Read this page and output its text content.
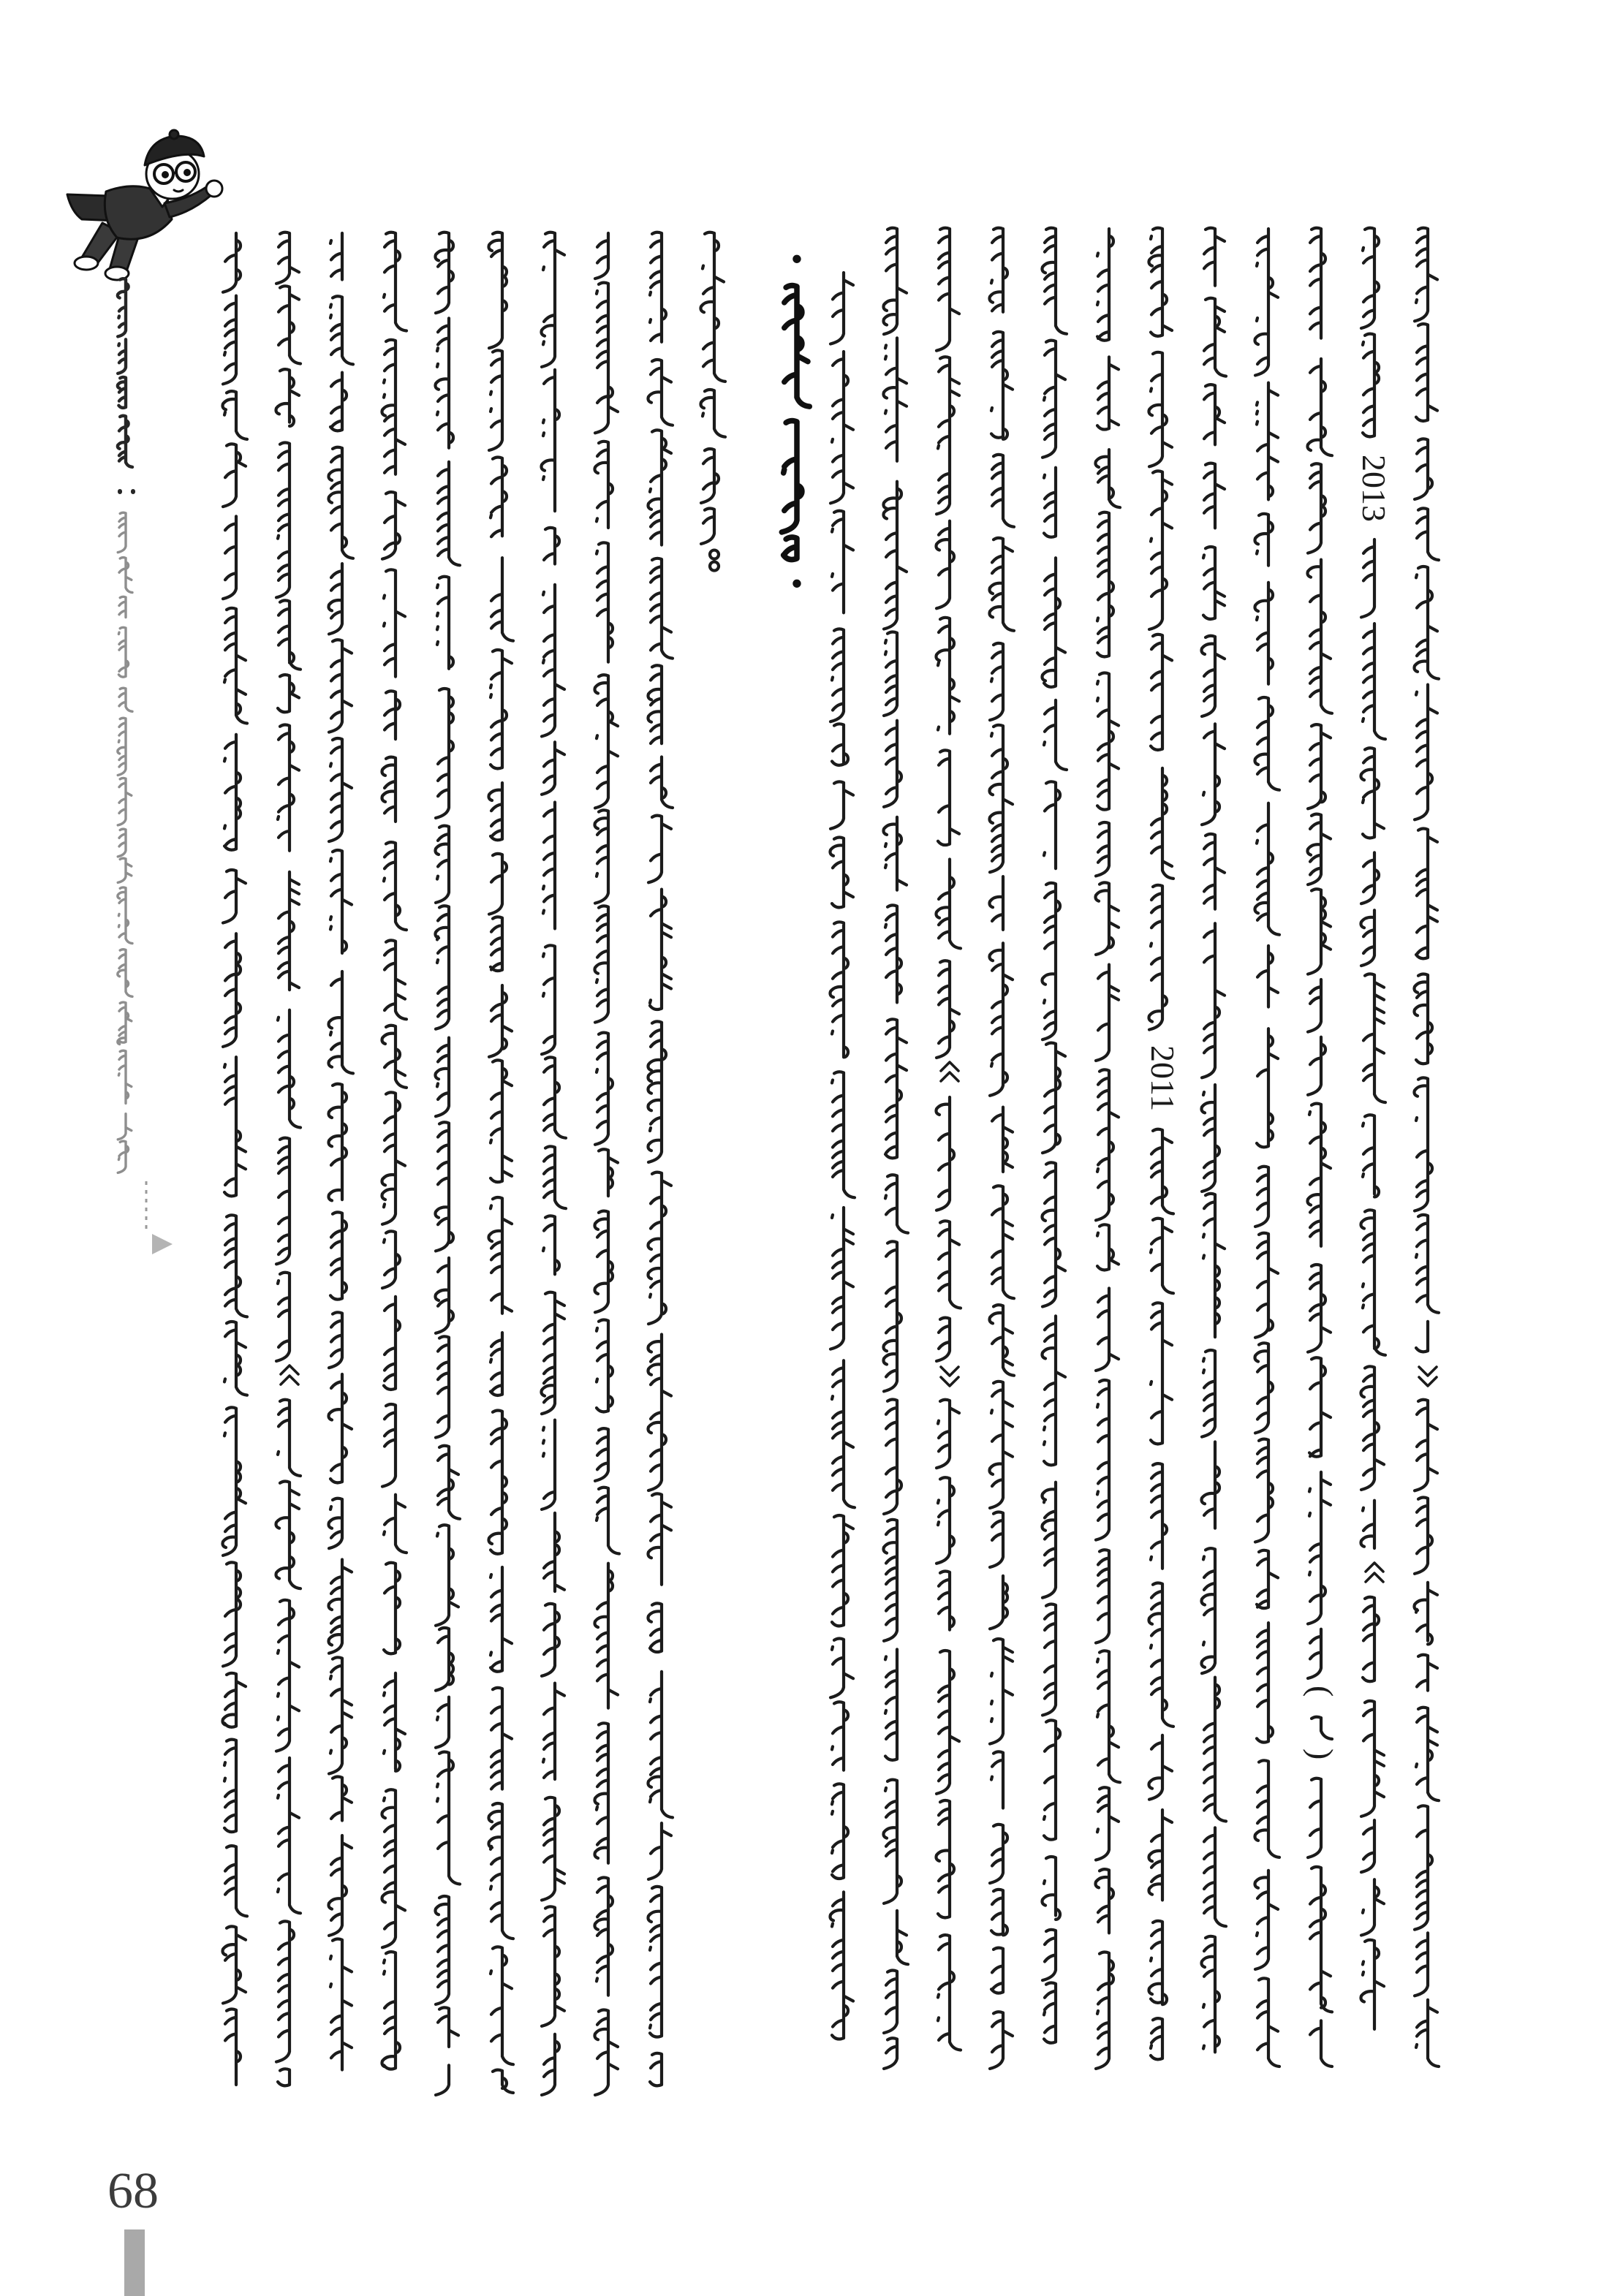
•
•
2013
2011
(
)
68
